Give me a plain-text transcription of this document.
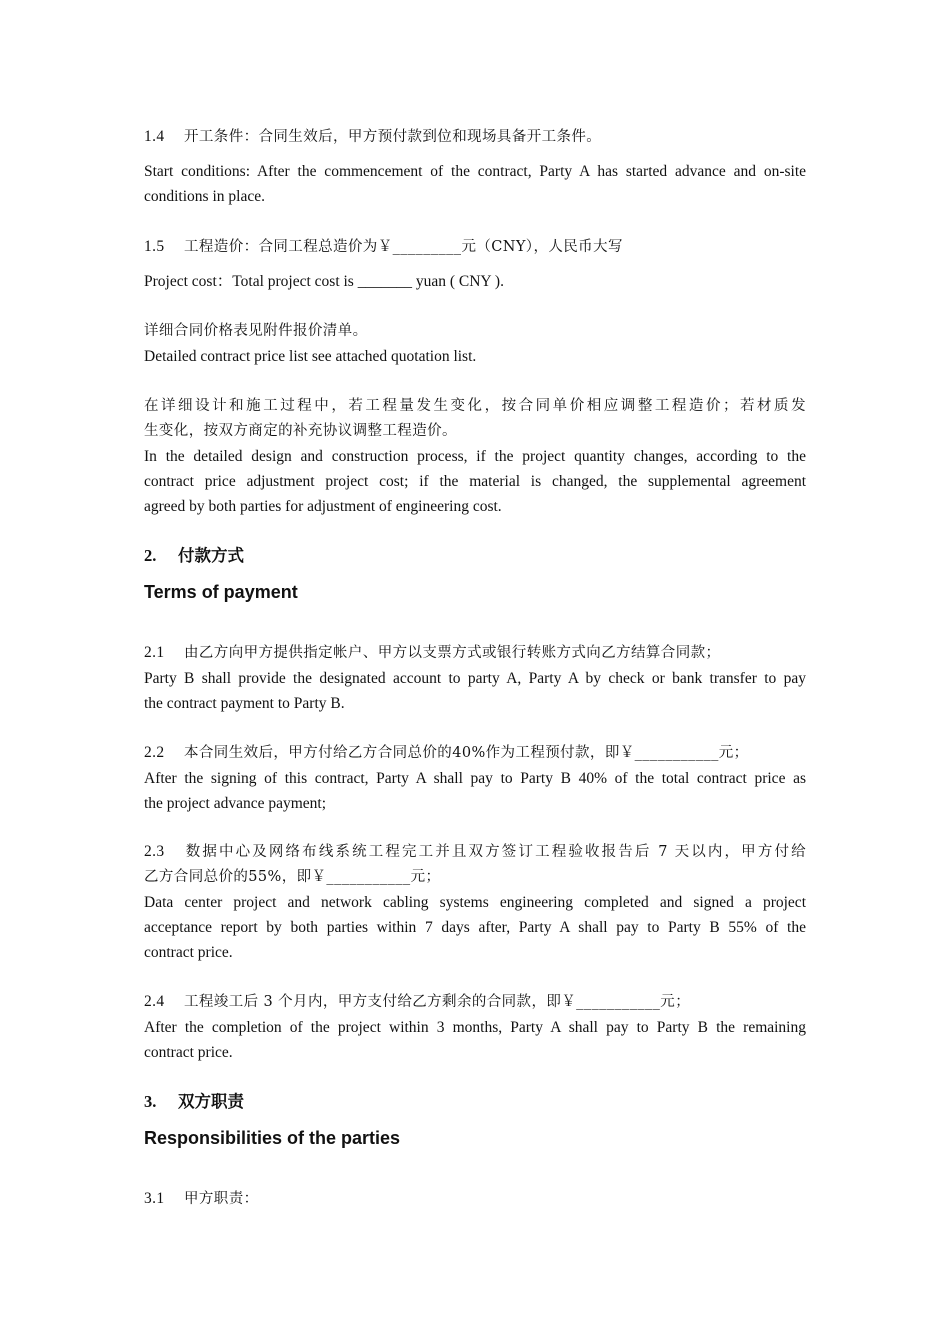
1.4 开工条件：合同生效后，甲方预付款到位和现场具备开工条件。
Start conditions: After the commencement of the contract, Party A has started advance and on-site
conditions in place.
1.5 工程造价：合同工程总造价为￥_________元（CNY），人民币大写
Project cost：Total project cost is _______ yuan ( CNY ).
详细合同价格表见附件报价清单。
Detailed contract price list see attached quotation list.
在详细设计和施工过程中，若工程量发生变化，按合同单价相应调整工程造价；若材质发
生变化，按双方商定的补充协议调整工程造价。
In the detailed design and construction process, if the project quantity changes, according to the
contract price adjustment project cost; if the material is changed, the supplemental agreement
agreed by both parties for adjustment of engineering cost.
2. 付款方式
Terms of payment
2.1 由乙方向甲方提供指定帐户、甲方以支票方式或银行转账方式向乙方结算合同款；
Party B shall provide the designated account to party A, Party A by check or bank transfer to pay
the contract payment to Party B.
2.2 本合同生效后，甲方付给乙方合同总价的40%作为工程预付款，即￥___________元；
After the signing of this contract, Party A shall pay to Party B 40% of the total contract price as
the project advance payment;
2.3 数据中心及网络布线系统工程完工并且双方签订工程验收报告后 7 天以内，甲方付给
乙方合同总价的55%，即￥___________元；
Data center project and network cabling systems engineering completed and signed a project
acceptance report by both parties within 7 days after, Party A shall pay to Party B 55% of the
contract price.
2.4 工程竣工后 3 个月内，甲方支付给乙方剩余的合同款，即￥___________元；
After the completion of the project within 3 months, Party A shall pay to Party B the remaining
contract price.
3. 双方职责
Responsibilities of the parties
3.1 甲方职责：
